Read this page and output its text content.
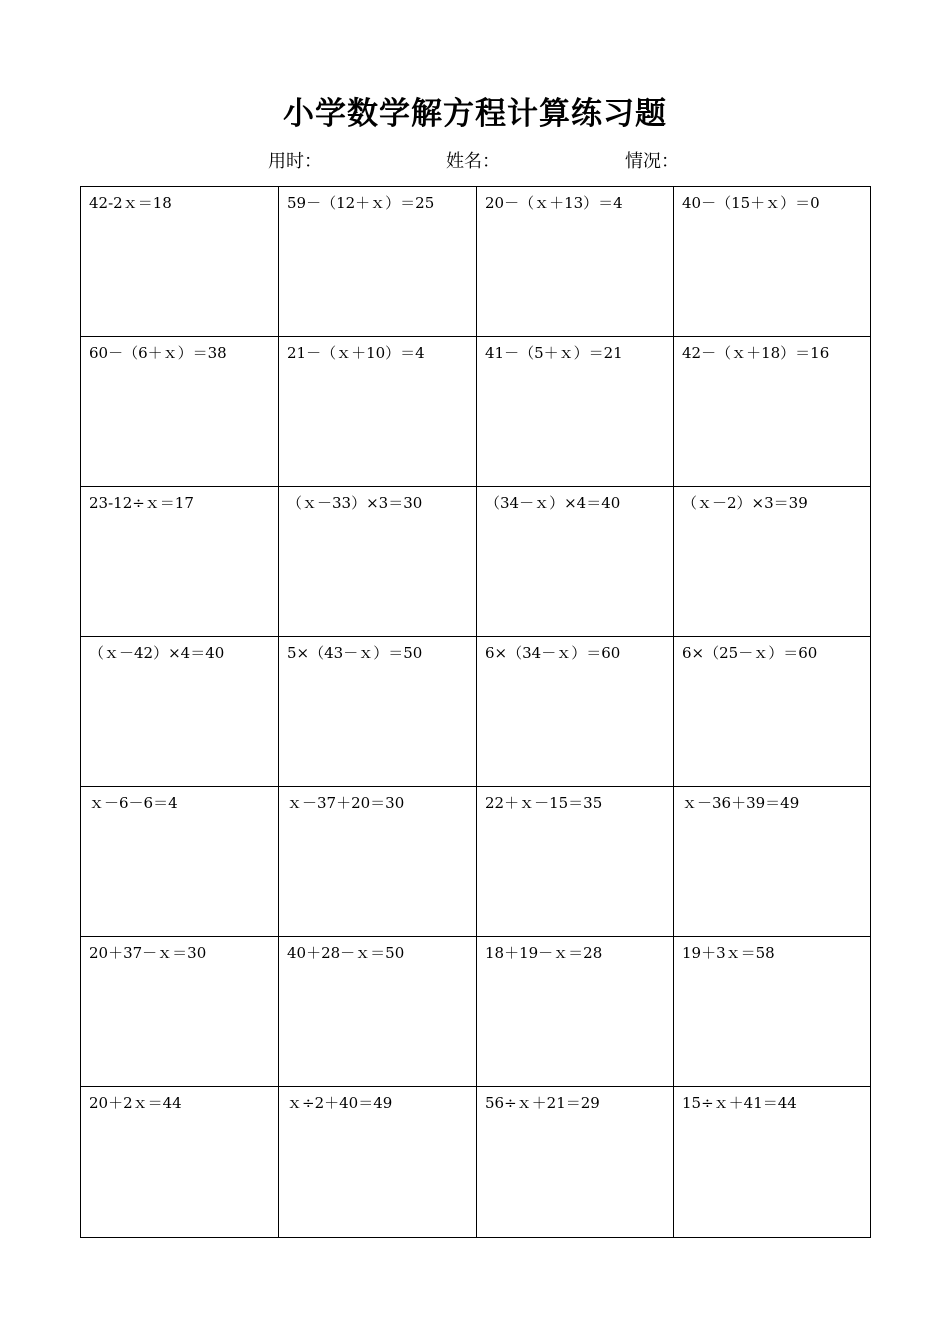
小学数学解方程计算练习题
用时：	姓名：	情况：
42-2ｘ＝18	59－（12＋ｘ）＝25	20－（ｘ＋13）＝4	40－（15＋ｘ）＝0
60－（6＋ｘ）＝38	21－（ｘ＋10）＝4	41－（5＋ｘ）＝21	42－（ｘ＋18）＝16
23-12÷ｘ＝17	（ｘ－33）×3＝30	（34－ｘ）×4＝40	（ｘ－2）×3＝39
（ｘ－42）×4＝40	5×（43－ｘ）＝50	6×（34－ｘ）＝60	6×（25－ｘ）＝60
ｘ－6－6＝4	ｘ－37＋20＝30	22＋ｘ－15＝35	ｘ－36＋39＝49
20＋37－ｘ＝30	40＋28－ｘ＝50	18＋19－ｘ＝28	19＋3ｘ＝58
20＋2ｘ＝44	ｘ÷2＋40＝49	56÷ｘ＋21＝29	15÷ｘ＋41＝44
